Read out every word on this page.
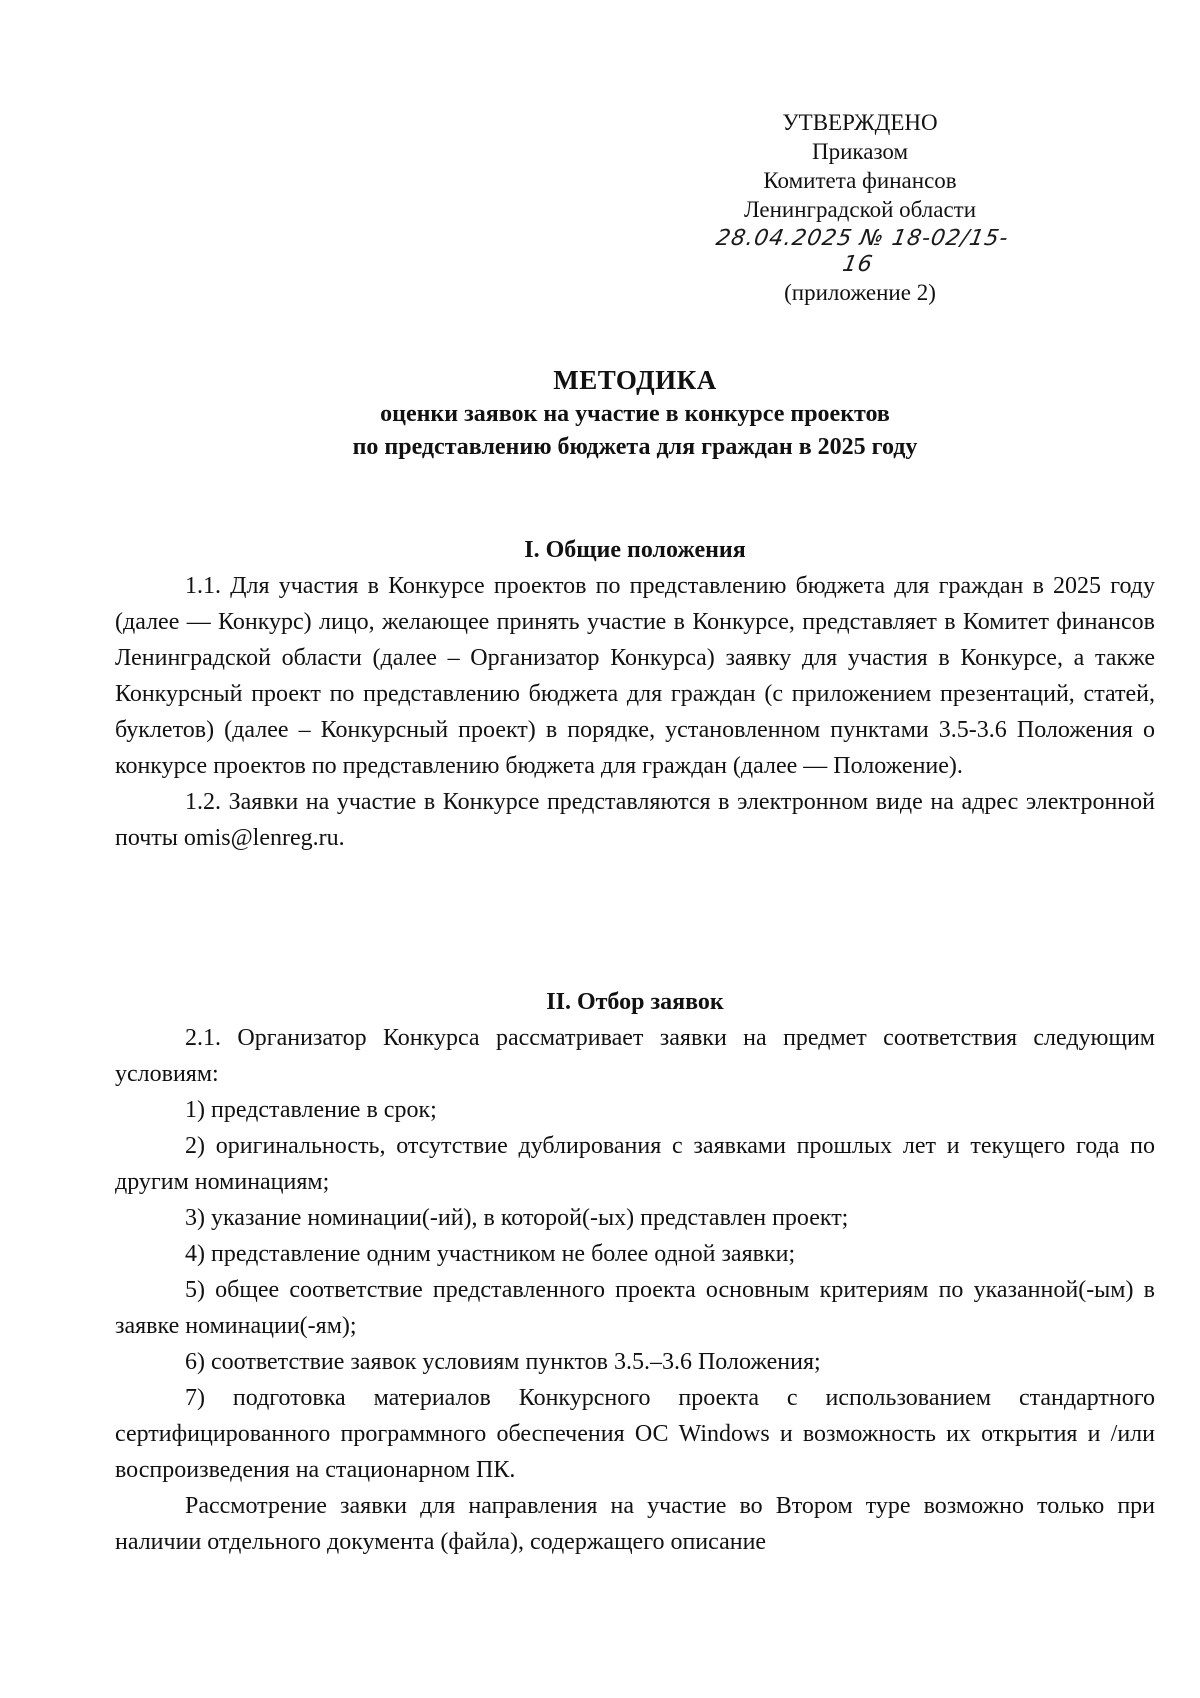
УТВЕРЖДЕНО
Приказом
Комитета финансов
Ленинградской области
28.04.2025 № 18-02/15-16
(приложение 2)
МЕТОДИКА
оценки заявок на участие в конкурсе проектов
по представлению бюджета для граждан в 2025 году
I. Общие положения

1.1. Для участия в Конкурсе проектов по представлению бюджета для граждан в 2025 году (далее — Конкурс) лицо, желающее принять участие в Конкурсе, представляет в Комитет финансов Ленинградской области (далее – Организатор Конкурса) заявку для участия в Конкурсе, а также Конкурсный проект по представлению бюджета для граждан (с приложением презентаций, статей, буклетов) (далее – Конкурсный проект) в порядке, установленном пунктами 3.5-3.6 Положения о конкурсе проектов по представлению бюджета для граждан (далее — Положение).

1.2. Заявки на участие в Конкурсе представляются в электронном виде на адрес электронной почты omis@lenreg.ru.

II. Отбор заявок

2.1. Организатор Конкурса рассматривает заявки на предмет соответствия следующим условиям:

1) представление в срок;

2) оригинальность, отсутствие дублирования с заявками прошлых лет и текущего года по другим номинациям;

3) указание номинации(-ий), в которой(-ых) представлен проект;

4) представление одним участником не более одной заявки;

5) общее соответствие представленного проекта основным критериям по указанной(-ым) в заявке номинации(-ям);

6) соответствие заявок условиям пунктов 3.5.–3.6 Положения;

7) подготовка материалов Конкурсного проекта с использованием стандартного сертифицированного программного обеспечения ОС Windows и возможность их открытия и /или воспроизведения на стационарном ПК.

Рассмотрение заявки для направления на участие во Втором туре возможно только при наличии отдельного документа (файла), содержащего описание
